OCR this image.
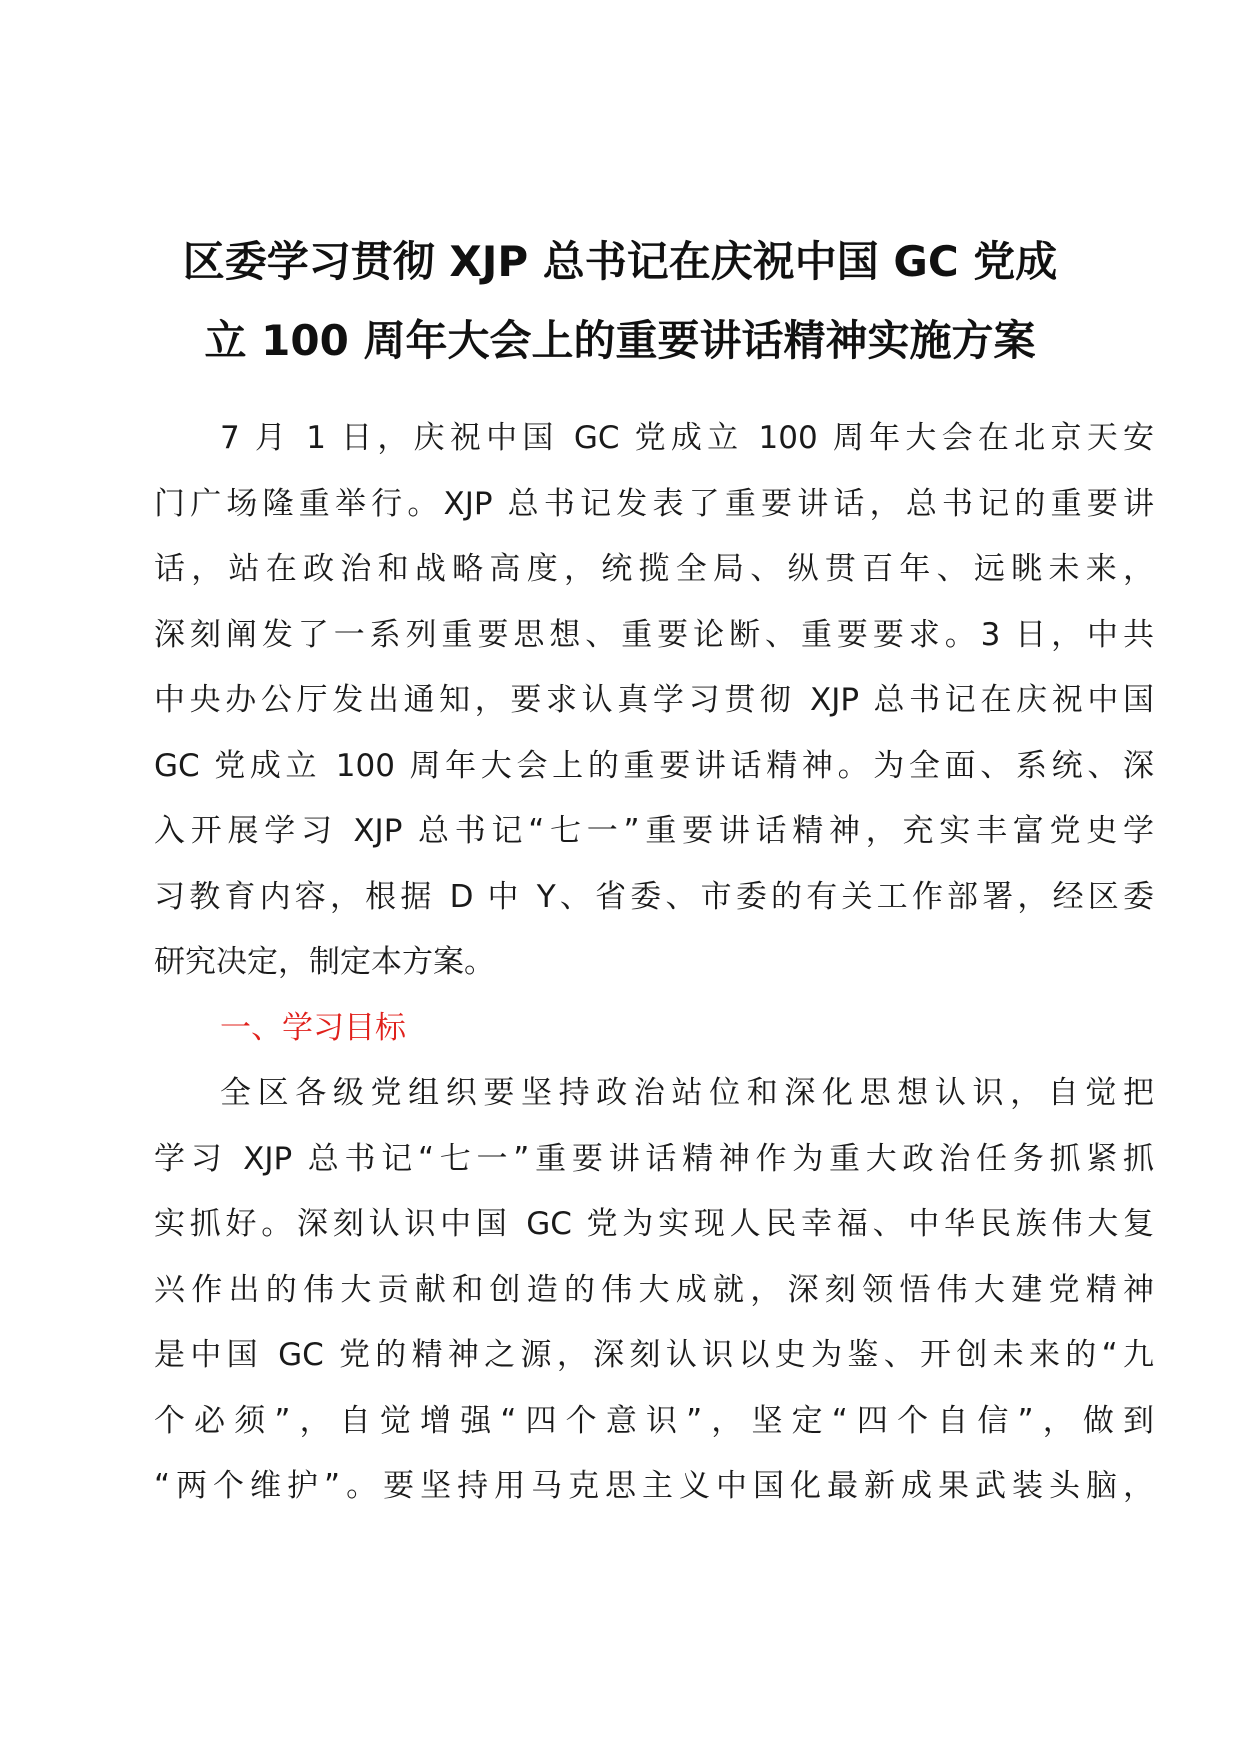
区委学习贯彻 XJP 总书记在庆祝中国 GC 党成
立 100 周年大会上的重要讲话精神实施方案
7 月 1 日，庆祝中国 GC 党成立 100 周年大会在北京天安
门广场隆重举行。XJP 总书记发表了重要讲话，总书记的重要讲
话，站在政治和战略高度，统揽全局、纵贯百年、远眺未来，
深刻阐发了一系列重要思想、重要论断、重要要求。3 日，中共
中央办公厅发出通知，要求认真学习贯彻 XJP 总书记在庆祝中国
GC 党成立 100 周年大会上的重要讲话精神。为全面、系统、深
入开展学习 XJP 总书记“七一”重要讲话精神，充实丰富党史学
习教育内容，根据 D 中 Y、省委、市委的有关工作部署，经区委
研究决定，制定本方案。
一、学习目标
全区各级党组织要坚持政治站位和深化思想认识，自觉把
学习 XJP 总书记“七一”重要讲话精神作为重大政治任务抓紧抓
实抓好。深刻认识中国 GC 党为实现人民幸福、中华民族伟大复
兴作出的伟大贡献和创造的伟大成就，深刻领悟伟大建党精神
是中国 GC 党的精神之源，深刻认识以史为鉴、开创未来的“九
个必须”，自觉增强“四个意识”，坚定“四个自信”，做到
“两个维护”。要坚持用马克思主义中国化最新成果武装头脑，
